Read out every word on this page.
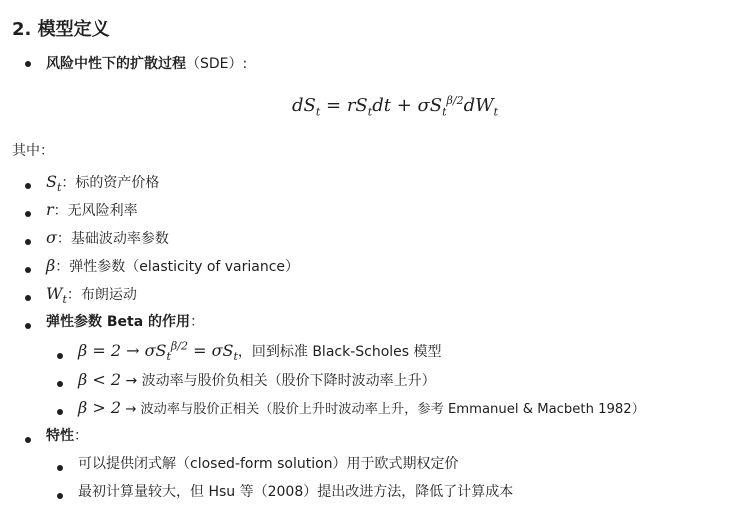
2. 模型定义
风险中性下的扩散过程（SDE）:
$dS_t = rS_tdt + \sigma S_t^{\beta/2}dW_t$
其中：
$S_t$：标的资产价格
r：无风险利率
σ：基础波动率参数
β：弹性参数（elasticity of variance）
$W_t$：布朗运动
弹性参数 Beta 的作用：
$\beta = 2 \to \sigma S_t^{\beta/2} = \sigma S_t$，回到标准 Black-Scholes 模型
β < 2 → 波动率与股价负相关（股价下降时波动率上升）
β > 2 → 波动率与股价正相关（股价上升时波动率上升，参考 Emmanuel & Macbeth 1982）
特性：
可以提供闭式解（closed-form solution）用于欧式期权定价
最初计算量较大，但 Hsu 等（2008）提出改进方法，降低了计算成本
